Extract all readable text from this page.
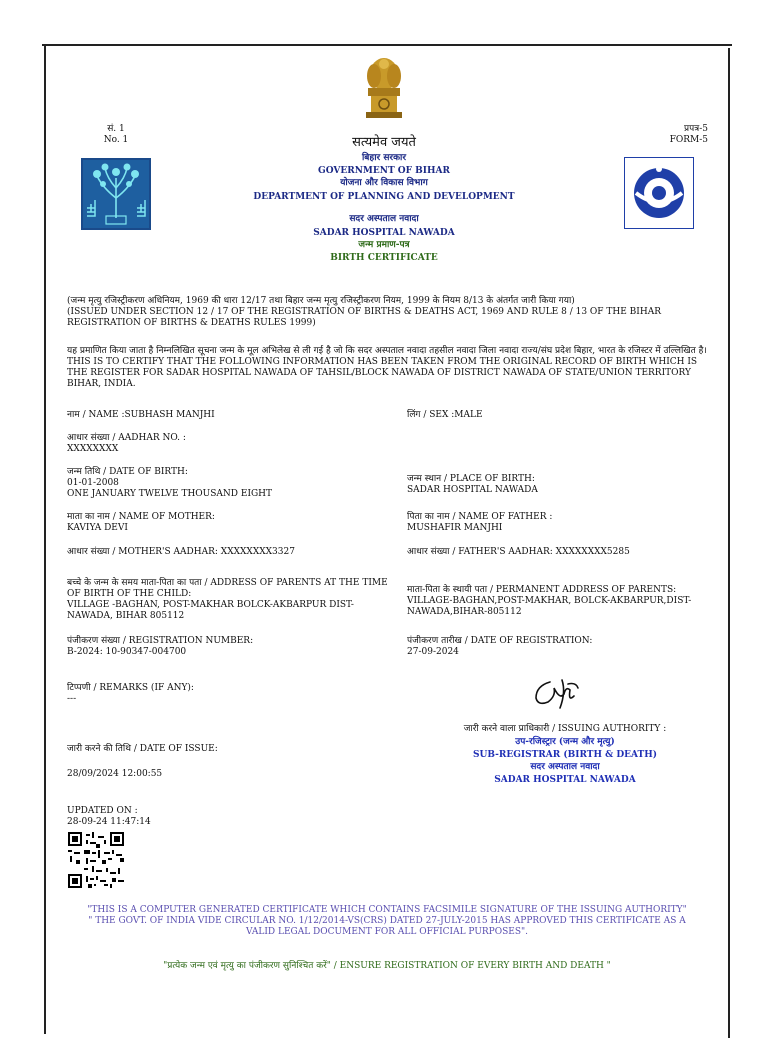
सं. 1
No. 1
प्रपत्र-5
FORM-5
सत्यमेव जयते
बिहार सरकार
GOVERNMENT OF BIHAR
योजना और विकास विभाग
DEPARTMENT OF PLANNING AND DEVELOPMENT
सदर अस्पताल नवादा
SADAR HOSPITAL NAWADA
जन्म प्रमाण-पत्र
BIRTH CERTIFICATE
(जन्म मृत्यु रजिस्ट्रीकरण अधिनियम, 1969 की धारा 12/17 तथा बिहार जन्म मृत्यु रजिस्ट्रीकरण नियम, 1999 के नियम 8/13 के अंतर्गत जारी किया गया)
(ISSUED UNDER SECTION 12 / 17 OF THE REGISTRATION OF BIRTHS & DEATHS ACT, 1969 AND RULE 8 / 13 OF THE BIHAR REGISTRATION OF BIRTHS & DEATHS RULES 1999)
यह प्रमाणित किया जाता है निम्नलिखित सूचना जन्म के मूल अभिलेख से ली गई है जो कि सदर अस्पताल नवादा तहसील नवादा जिला नवादा राज्य/संघ प्रदेश बिहार, भारत के रजिस्टर में उल्लिखित है।
THIS IS TO CERTIFY THAT THE FOLLOWING INFORMATION HAS BEEN TAKEN FROM THE ORIGINAL RECORD OF BIRTH WHICH IS THE REGISTER FOR SADAR HOSPITAL NAWADA OF TAHSIL/BLOCK NAWADA OF DISTRICT NAWADA OF STATE/UNION TERRITORY BIHAR, INDIA.
नाम / NAME :SUBHASH MANJHI	लिंग / SEX :MALE
आधार संख्या / AADHAR NO. :
XXXXXXXX
जन्म तिथि / DATE OF BIRTH:
01-01-2008
ONE JANUARY TWELVE THOUSAND EIGHT
जन्म स्थान / PLACE OF BIRTH:
SADAR HOSPITAL NAWADA
माता का नाम / NAME OF MOTHER:
KAVIYA DEVI
पिता का नाम / NAME OF FATHER :
MUSHAFIR MANJHI
आधार संख्या / MOTHER'S AADHAR: XXXXXXXX3327	आधार संख्या / FATHER'S AADHAR: XXXXXXXX5285
बच्चे के जन्म के समय माता-पिता का पता / ADDRESS OF PARENTS AT THE TIME OF BIRTH OF THE CHILD:
VILLAGE -BAGHAN, POST-MAKHAR BOLCK-AKBARPUR DIST-NAWADA, BIHAR 805112
माता-पिता के स्थायी पता / PERMANENT ADDRESS OF PARENTS:
VILLAGE-BAGHAN,POST-MAKHAR, BOLCK-AKBARPUR,DIST-NAWADA,BIHAR-805112
पंजीकरण संख्या / REGISTRATION NUMBER:
B-2024: 10-90347-004700
पंजीकरण तारीख / DATE OF REGISTRATION:
27-09-2024
टिप्पणी / REMARKS (IF ANY):
---
जारी करने वाला प्राधिकारी / ISSUING AUTHORITY :
उप-रजिस्ट्रार (जन्म और मृत्यु)
SUB-REGISTRAR (BIRTH & DEATH)
सदर अस्पताल नवादा
SADAR HOSPITAL NAWADA
जारी करने की तिथि / DATE OF ISSUE:
28/09/2024 12:00:55
UPDATED ON :
28-09-24 11:47:14
"THIS IS A COMPUTER GENERATED CERTIFICATE WHICH CONTAINS FACSIMILE SIGNATURE OF THE ISSUING AUTHORITY"
" THE GOVT. OF INDIA VIDE CIRCULAR NO. 1/12/2014-VS(CRS) DATED 27-JULY-2015 HAS APPROVED THIS CERTIFICATE AS A VALID LEGAL DOCUMENT FOR ALL OFFICIAL PURPOSES".
"प्रत्येक जन्म एवं मृत्यु का पंजीकरण सुनिश्चित करें" / ENSURE REGISTRATION OF EVERY BIRTH AND DEATH "
